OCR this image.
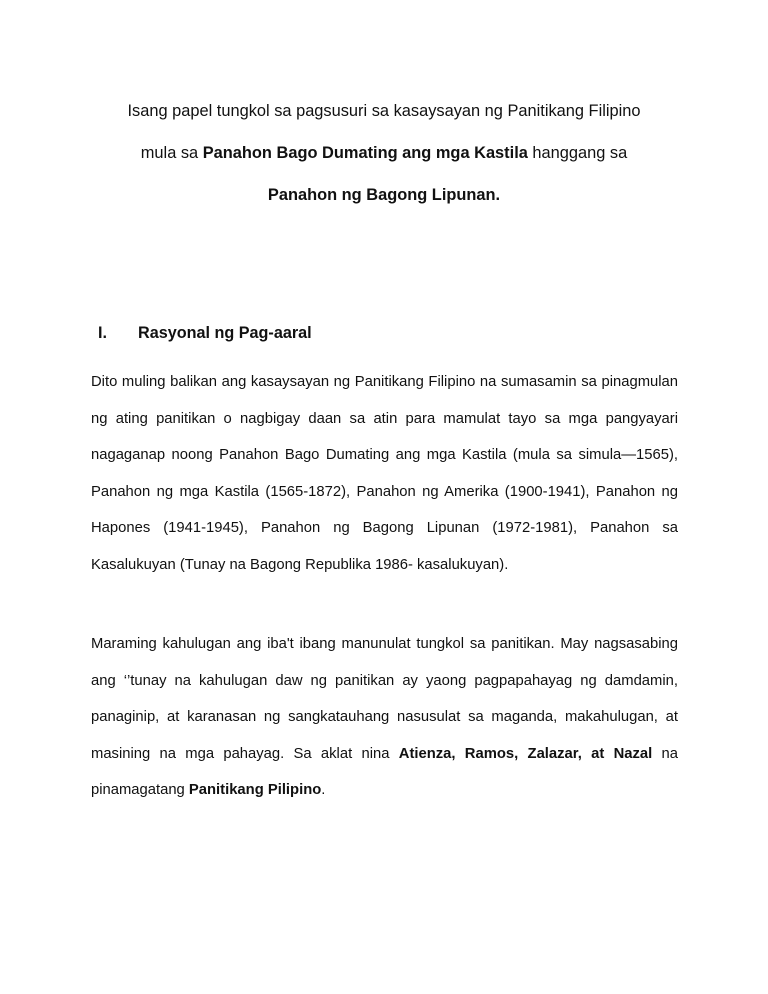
Isang papel tungkol sa pagsusuri sa kasaysayan ng Panitikang Filipino
mula sa Panahon Bago Dumating ang mga Kastila hanggang sa
Panahon ng Bagong Lipunan.
I. Rasyonal ng Pag-aaral
Dito muling balikan ang kasaysayan ng Panitikang Filipino na sumasamin sa pinagmulan
ng ating panitikan o nagbigay daan sa atin para mamulat tayo sa mga pangyayari
nagaganap noong Panahon Bago Dumating ang mga Kastila (mula sa simula—1565),
Panahon ng mga Kastila (1565-1872), Panahon ng Amerika (1900-1941), Panahon ng
Hapones (1941-1945), Panahon ng Bagong Lipunan (1972-1981), Panahon sa
Kasalukuyan (Tunay na Bagong Republika 1986- kasalukuyan).
Maraming kahulugan ang iba't ibang manunulat tungkol sa panitikan. May nagsasabing
ang ‘’tunay na kahulugan daw ng panitikan ay yaong pagpapahayag ng damdamin,
panaginip, at karanasan ng sangkatauhang nasusulat sa maganda, makahulugan, at
masining na mga pahayag. Sa aklat nina Atienza, Ramos, Zalazar, at Nazal na
pinamagatang Panitikang Pilipino.
